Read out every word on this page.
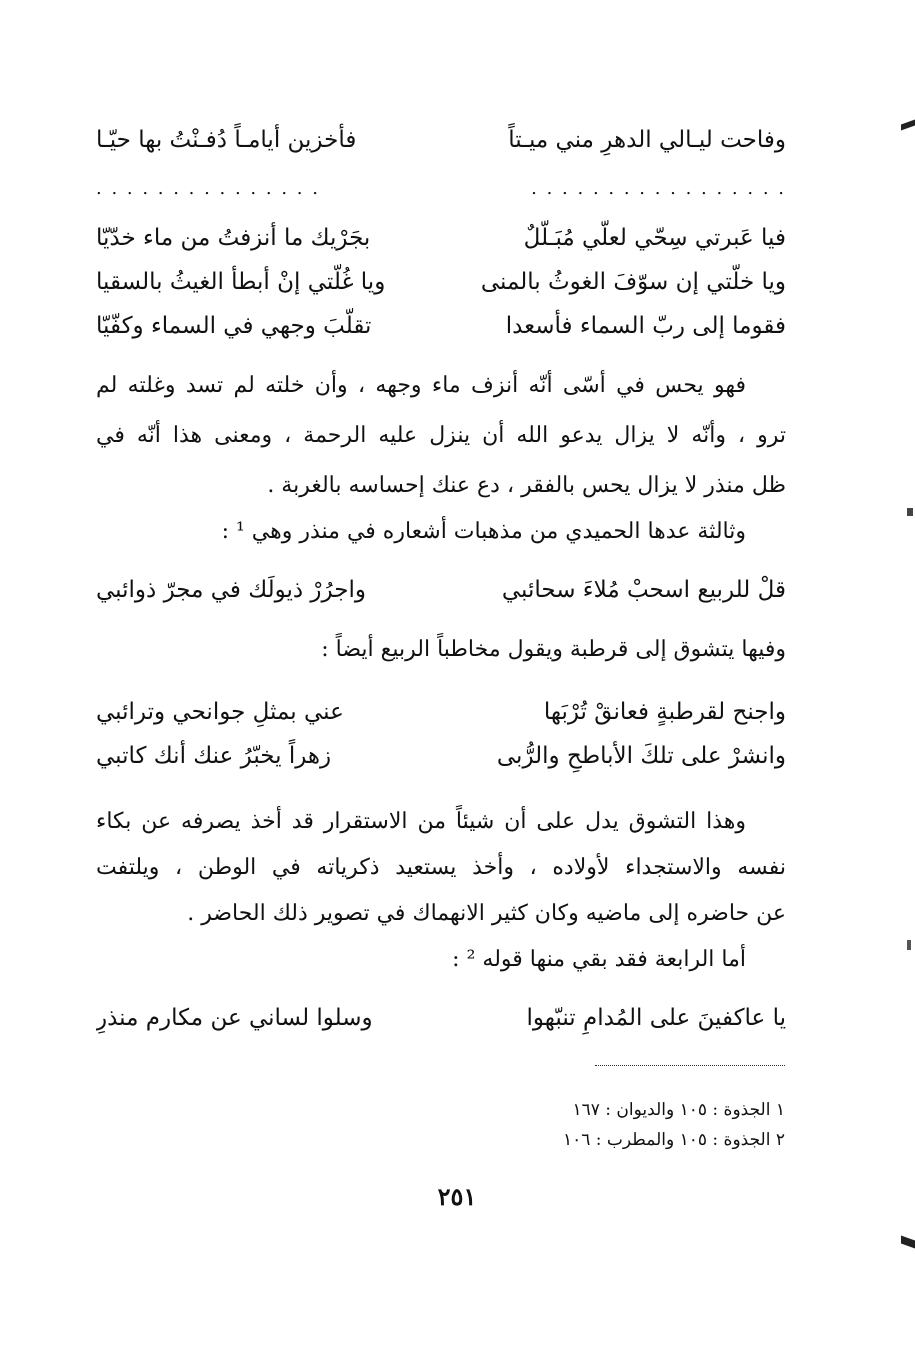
وفاحت ليـالي الدهرِ مني ميـتاً
فأخزين أيامـاً دُفـنْتُ بها حيّـا
. . . . . . . . . . . . . . . . .
. . . . . . . . . . . . . . .
فيا عَبرتي سِحّي لعلّي مُبَـلّلٌ
بجَرْيك ما أنزفتُ من ماء خدّيّا
ويا خلّتي إن سوّفَ الغوثُ بالمنى
ويا غُلّتي إنْ أبطأ الغيثُ بالسقيا
فقوما إلى ربّ السماء فأسعدا
تقلّبَ وجهي في السماء وكفّيّا
فهو يحس في أسّى أنّه أنزف ماء وجهه ، وأن خلته لم تسد وغلته لم
ترو ، وأنّه لا يزال يدعو الله أن ينزل عليه الرحمة ، ومعنى هذا أنّه في
ظل منذر لا يزال يحس بالفقر ، دع عنك إحساسه بالغربة .
وثالثة عدها الحميدي من مذهبات أشعاره في منذر وهي ¹ :
قلْ للربيع اسحبْ مُلاءَ سحائبي
واجرُرْ ذيولَك في مجرّ ذوائبي
وفيها يتشوق إلى قرطبة ويقول مخاطباً الربيع أيضاً :
واجنح لقرطبةٍ فعانقْ تُرْبَها
عني بمثلِ جوانحي وترائبي
وانشرْ على تلكَ الأباطحِ والرُّبى
زهراً يخبّرُ عنك أنك كاتبي
وهذا التشوق يدل على أن شيئاً من الاستقرار قد أخذ يصرفه عن بكاء
نفسه والاستجداء لأولاده ، وأخذ يستعيد ذكرياته في الوطن ، ويلتفت
عن حاضره إلى ماضيه وكان كثير الانهماك في تصوير ذلك الحاضر .
أما الرابعة فقد بقي منها قوله ² :
يا عاكفينَ على المُدامِ تنبّهوا
وسلوا لساني عن مكارم منذرِ
١ الجذوة : ١٠٥ والديوان : ١٦٧
٢ الجذوة : ١٠٥ والمطرب : ١٠٦
٢٥١
